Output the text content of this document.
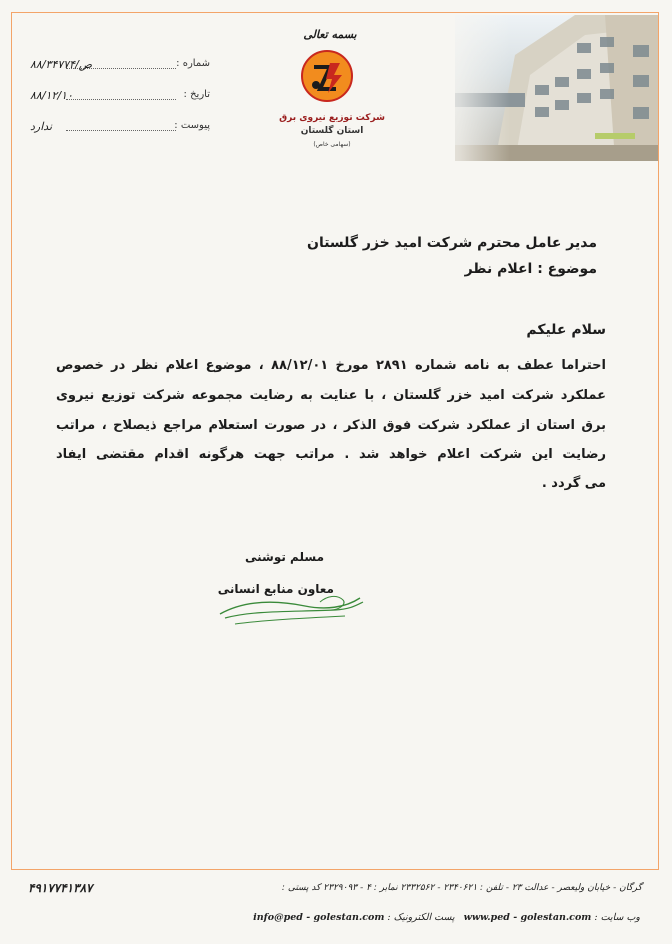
بسمه تعالی
شرکت توزیع نیروی برق
استان گلستان
(سهامی خاص)
شماره :
۸۸/ص/۳۴۷۷۴
تاریخ :
۸۸/۱۲/۱۰
پیوست :
ندارد
مدیر عامل محترم شرکت امید خزر گلستان
موضوع : اعلام نظر
سلام علیکم
احتراما عطف به نامه شماره ۲۸۹۱ مورخ ۸۸/۱۲/۰۱ ، موضوع اعلام نظر در خصوص
عملکرد شرکت امید خزر گلستان ، با عنایت به رضایت مجموعه شرکت توزیع نیروی
برق استان از عملکرد شرکت فوق الذکر ، در صورت استعلام مراجع ذیصلاح ، مراتب
رضایت این شرکت اعلام خواهد شد . مراتب جهت هرگونه اقدام مقتضی ایفاد
می گردد .
مسلم توشنی
معاون منابع انسانی
گرگان - خیابان ولیعصر - عدالت ۲۳ - تلفن : ۲۳۴۰۶۲۱ - ۲۳۳۲۵۶۲ نمابر : ۴ - ۲۳۲۹۰۹۳ کد پستی :
۴۹۱۷۷۴۱۳۸۷
وب سایت : www.ped - golestan.com   پست الکترونیک : info@ped - golestan.com
